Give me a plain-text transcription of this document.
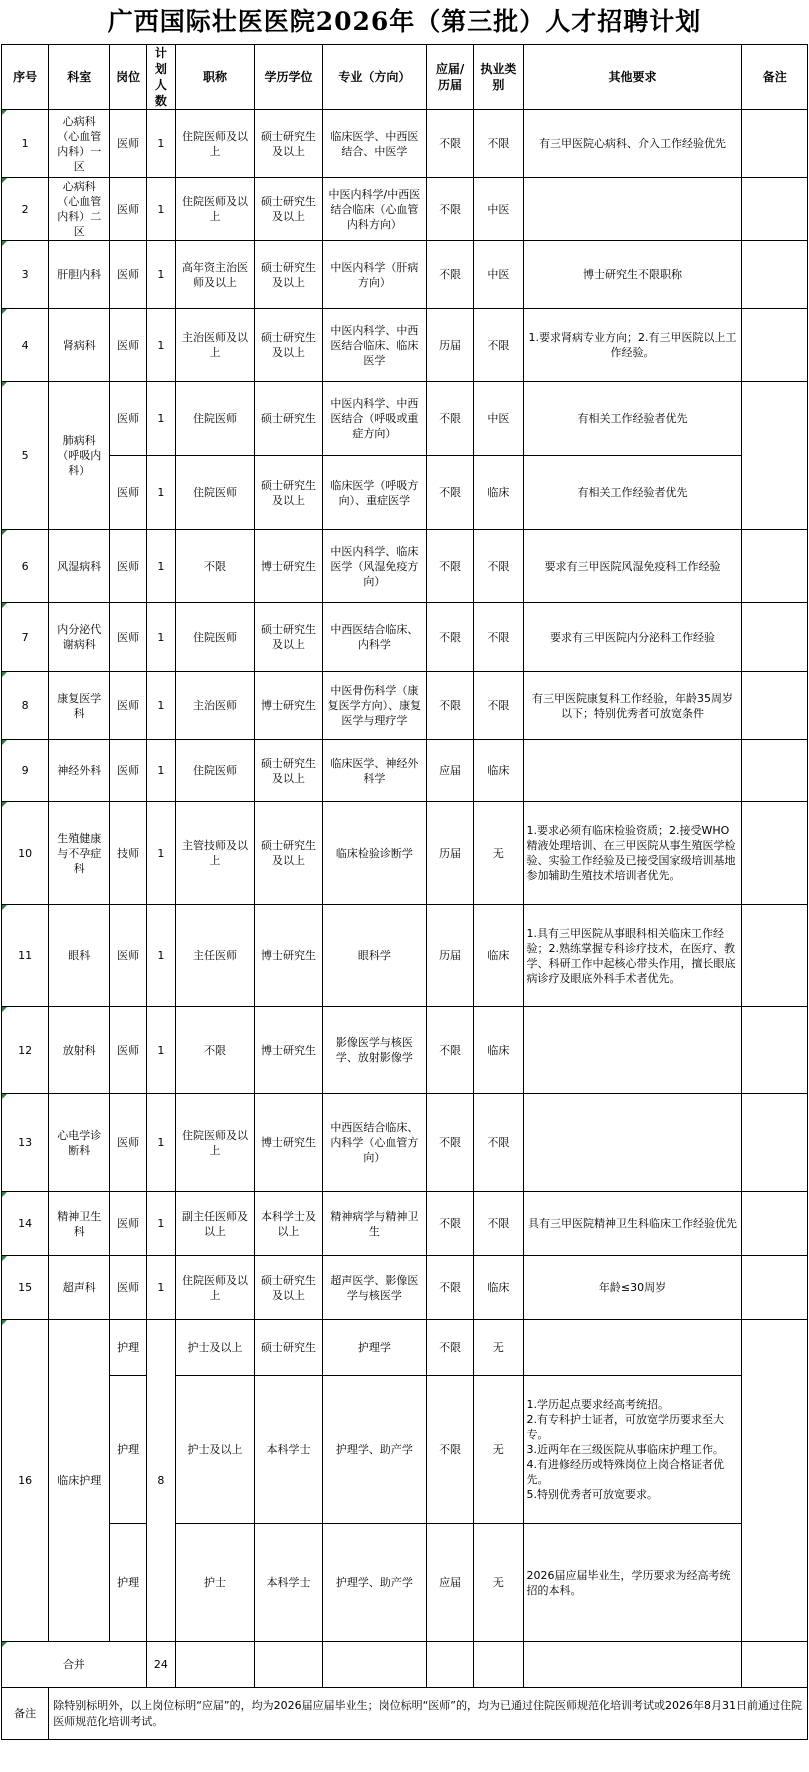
广西国际壮医医院2026年（第三批）人才招聘计划
序号	科室	岗位	计划人数	职称	学历学位	专业（方向）	应届/历届	执业类别	其他要求	备注
1	心病科（心血管内科）一区	医师	1	住院医师及以上	硕士研究生及以上	临床医学、中西医结合、中医学	不限	不限	有三甲医院心病科、介入工作经验优先	
2	心病科（心血管内科）二区	医师	1	住院医师及以上	硕士研究生及以上	中医内科学/中西医结合临床（心血管内科方向）	不限	中医		
3	肝胆内科	医师	1	高年资主治医师及以上	硕士研究生及以上	中医内科学（肝病方向）	不限	中医	博士研究生不限职称	
4	肾病科	医师	1	主治医师及以上	硕士研究生及以上	中医内科学、中西医结合临床、临床医学	历届	不限	1.要求肾病专业方向；2.有三甲医院以上工作经验。	
5	肺病科（呼吸内科）	医师	1	住院医师	硕士研究生	中医内科学、中西医结合（呼吸或重症方向）	不限	中医	有相关工作经验者优先	
		医师	1	住院医师	硕士研究生及以上	临床医学（呼吸方向）、重症医学	不限	临床	有相关工作经验者优先	
6	风湿病科	医师	1	不限	博士研究生	中医内科学、临床医学（风湿免疫方向）	不限	不限	要求有三甲医院风湿免疫科工作经验	
7	内分泌代谢病科	医师	1	住院医师	硕士研究生及以上	中西医结合临床、内科学	不限	不限	要求有三甲医院内分泌科工作经验	
8	康复医学科	医师	1	主治医师	博士研究生	中医骨伤科学（康复医学方向）、康复医学与理疗学	不限	不限	有三甲医院康复科工作经验，年龄35周岁以下；特别优秀者可放宽条件	
9	神经外科	医师	1	住院医师	硕士研究生及以上	临床医学、神经外科学	应届	临床		
10	生殖健康与不孕症科	技师	1	主管技师及以上	硕士研究生及以上	临床检验诊断学	历届	无	1.要求必须有临床检验资质；2.接受WHO精液处理培训、在三甲医院从事生殖医学检验、实验工作经验及已接受国家级培训基地参加辅助生殖技术培训者优先。	
11	眼科	医师	1	主任医师	博士研究生	眼科学	历届	临床	1.具有三甲医院从事眼科相关临床工作经验；2.熟练掌握专科诊疗技术，在医疗、教学、科研工作中起核心带头作用，擅长眼底病诊疗及眼底外科手术者优先。	
12	放射科	医师	1	不限	博士研究生	影像医学与核医学、放射影像学	不限	临床		
13	心电学诊断科	医师	1	住院医师及以上	博士研究生	中西医结合临床、内科学（心血管方向）	不限	不限		
14	精神卫生科	医师	1	副主任医师及以上	本科学士及以上	精神病学与精神卫生	不限	不限	具有三甲医院精神卫生科临床工作经验优先	
15	超声科	医师	1	住院医师及以上	硕士研究生及以上	超声医学、影像医学与核医学	不限	临床	年龄≤30周岁	
16	临床护理	护理	8	护士及以上	硕士研究生	护理学	不限	无		
		护理		护士及以上	本科学士	护理学、助产学	不限	无	1.学历起点要求经高考统招。
2.有专科护士证者，可放宽学历要求至大专。
3.近两年在三级医院从事临床护理工作。
4.有进修经历或特殊岗位上岗合格证者优先。
5.特别优秀者可放宽要求。	
		护理		护士	本科学士	护理学、助产学	应届	无	2026届应届毕业生，学历要求为经高考统招的本科。	
合并			24							
备注	除特别标明外，以上岗位标明“应届”的，均为2026届应届毕业生；岗位标明“医师”的，均为已通过住院医师规范化培训考试或2026年8月31日前通过住院医师规范化培训考试。									
